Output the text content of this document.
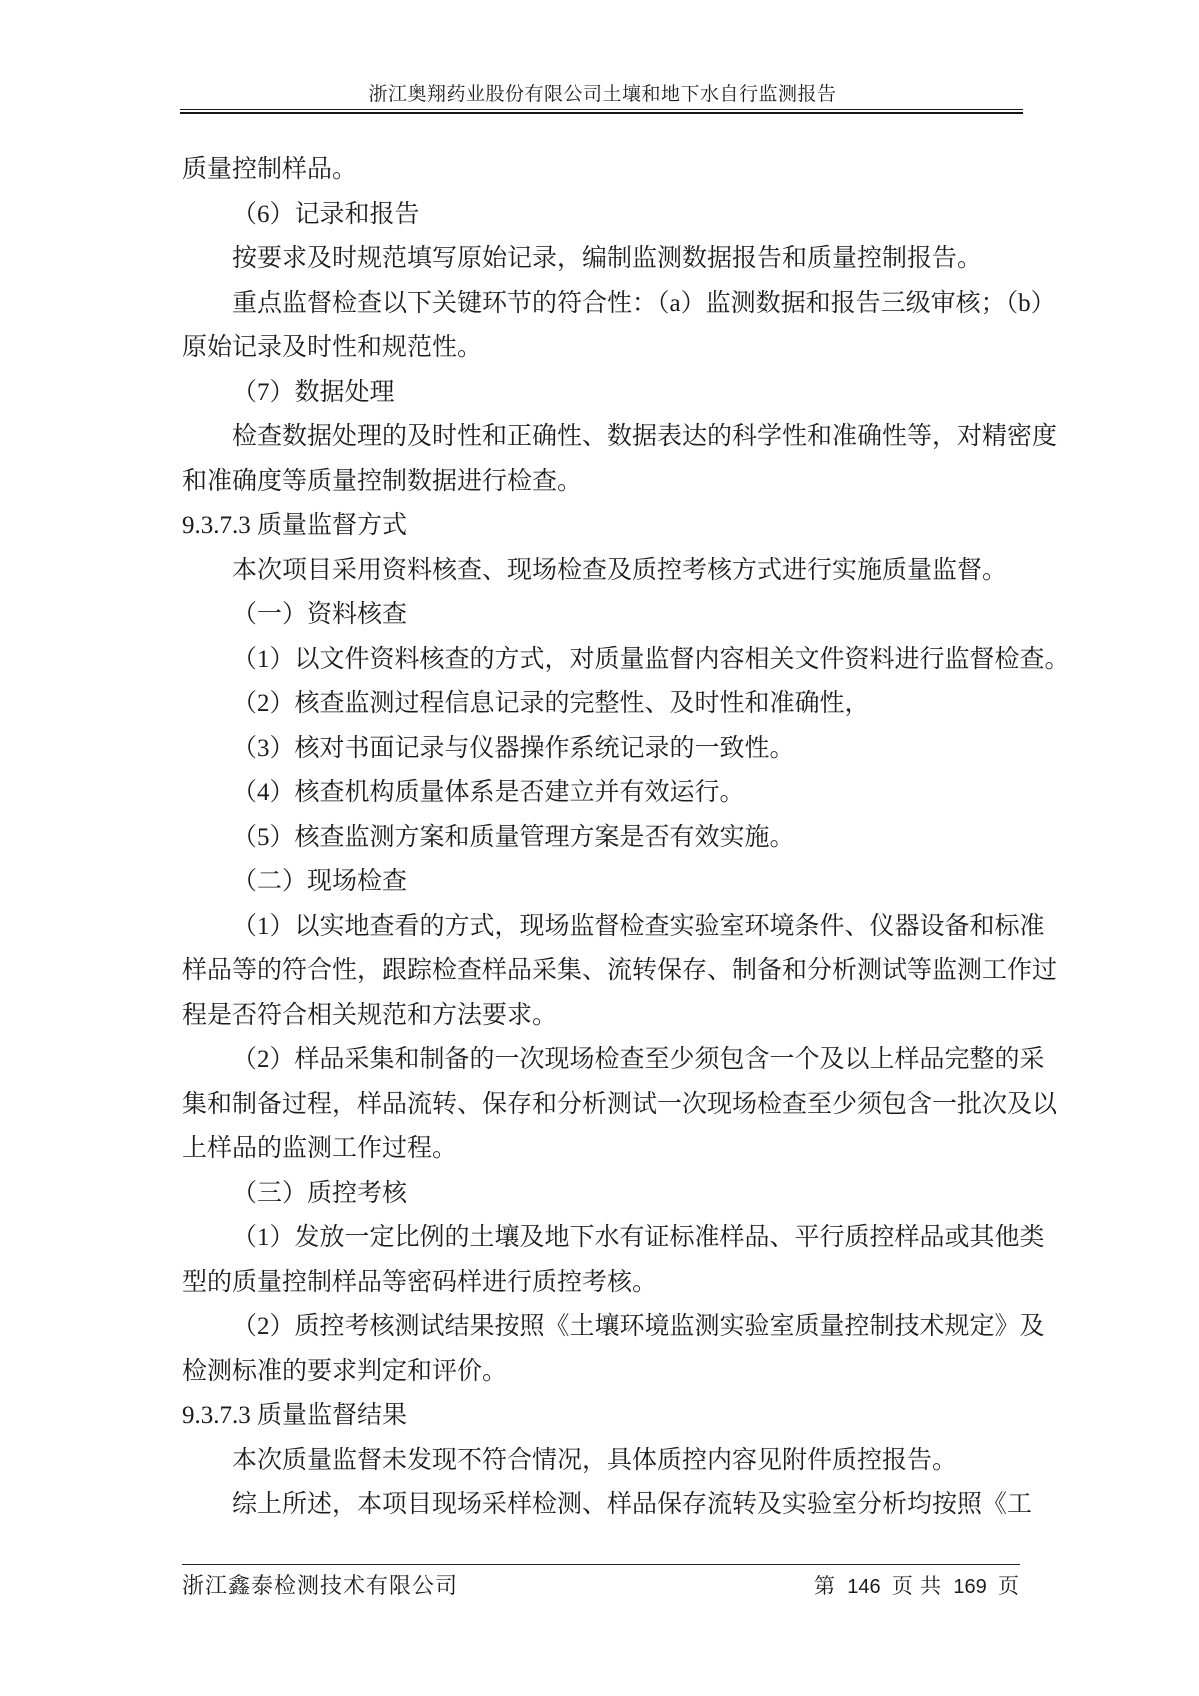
浙江奥翔药业股份有限公司土壤和地下水自行监测报告

质量控制样品。

（6）记录和报告

按要求及时规范填写原始记录，编制监测数据报告和质量控制报告。

重点监督检查以下关键环节的符合性：（a）监测数据和报告三级审核；（b）

原始记录及时性和规范性。

（7）数据处理

检查数据处理的及时性和正确性、数据表达的科学性和准确性等，对精密度

和准确度等质量控制数据进行检查。

9.3.7.3 质量监督方式

本次项目采用资料核查、现场检查及质控考核方式进行实施质量监督。

（一）资料核查

（1）以文件资料核查的方式，对质量监督内容相关文件资料进行监督检查。

（2）核查监测过程信息记录的完整性、及时性和准确性，

（3）核对书面记录与仪器操作系统记录的一致性。

（4）核查机构质量体系是否建立并有效运行。

（5）核查监测方案和质量管理方案是否有效实施。

（二）现场检查

（1）以实地查看的方式，现场监督检查实验室环境条件、仪器设备和标准

样品等的符合性，跟踪检查样品采集、流转保存、制备和分析测试等监测工作过

程是否符合相关规范和方法要求。

（2）样品采集和制备的一次现场检查至少须包含一个及以上样品完整的采

集和制备过程，样品流转、保存和分析测试一次现场检查至少须包含一批次及以

上样品的监测工作过程。

（三）质控考核

（1）发放一定比例的土壤及地下水有证标准样品、平行质控样品或其他类

型的质量控制样品等密码样进行质控考核。

（2）质控考核测试结果按照《土壤环境监测实验室质量控制技术规定》及

检测标准的要求判定和评价。

9.3.7.3 质量监督结果

本次质量监督未发现不符合情况，具体质控内容见附件质控报告。

综上所述，本项目现场采样检测、样品保存流转及实验室分析均按照《工

浙江鑫泰检测技术有限公司	第 146 页 共 169 页
